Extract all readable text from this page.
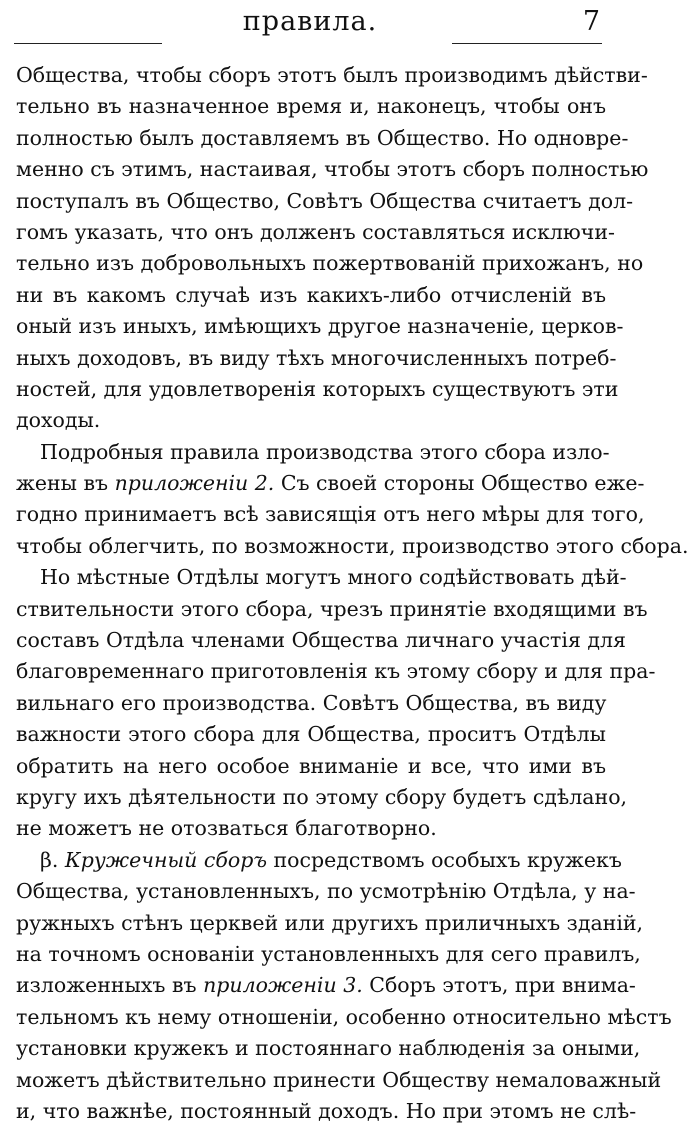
правила.	7
Общества, чтобы сборъ этотъ былъ производимъ дѣйстви-
тельно въ назначенное время и, наконецъ, чтобы онъ
полностью былъ доставляемъ въ Общество. Но одновре-
менно съ этимъ, настаивая, чтобы этотъ сборъ полностью
поступалъ въ Общество, Совѣтъ Общества считаетъ дол-
гомъ указать, что онъ долженъ составляться исключи-
тельно изъ добровольныхъ пожертвованій прихожанъ, но
ни въ какомъ случаѣ изъ какихъ-либо отчисленій въ
оный изъ иныхъ, имѣющихъ другое назначеніе, церков-
ныхъ доходовъ, въ виду тѣхъ многочисленныхъ потреб-
ностей, для удовлетворенія которыхъ существуютъ эти
доходы.
Подробныя правила производства этого сбора изло-
жены въ приложеніи 2. Съ своей стороны Общество еже-
годно принимаетъ всѣ зависящія отъ него мѣры для того,
чтобы облегчить, по возможности, производство этого сбора.
Но мѣстные Отдѣлы могутъ много содѣйствовать дѣй-
ствительности этого сбора, чрезъ принятіе входящими въ
составъ Отдѣла членами Общества личнаго участія для
благовременнаго приготовленія къ этому сбору и для пра-
вильнаго его производства. Совѣтъ Общества, въ виду
важности этого сбора для Общества, проситъ Отдѣлы
обратить на него особое вниманіе и все, что ими въ
кругу ихъ дѣятельности по этому сбору будетъ сдѣлано,
не можетъ не отозваться благотворно.
β. Кружечный сборъ посредствомъ особыхъ кружекъ
Общества, установленныхъ, по усмотрѣнію Отдѣла, у на-
ружныхъ стѣнъ церквей или другихъ приличныхъ зданій,
на точномъ основаніи установленныхъ для сего правилъ,
изложенныхъ въ приложеніи 3. Сборъ этотъ, при внима-
тельномъ къ нему отношеніи, особенно относительно мѣстъ
установки кружекъ и постояннаго наблюденія за оными,
можетъ дѣйствительно принести Обществу немаловажный
и, что важнѣе, постоянный доходъ. Но при этомъ не слѣ-
